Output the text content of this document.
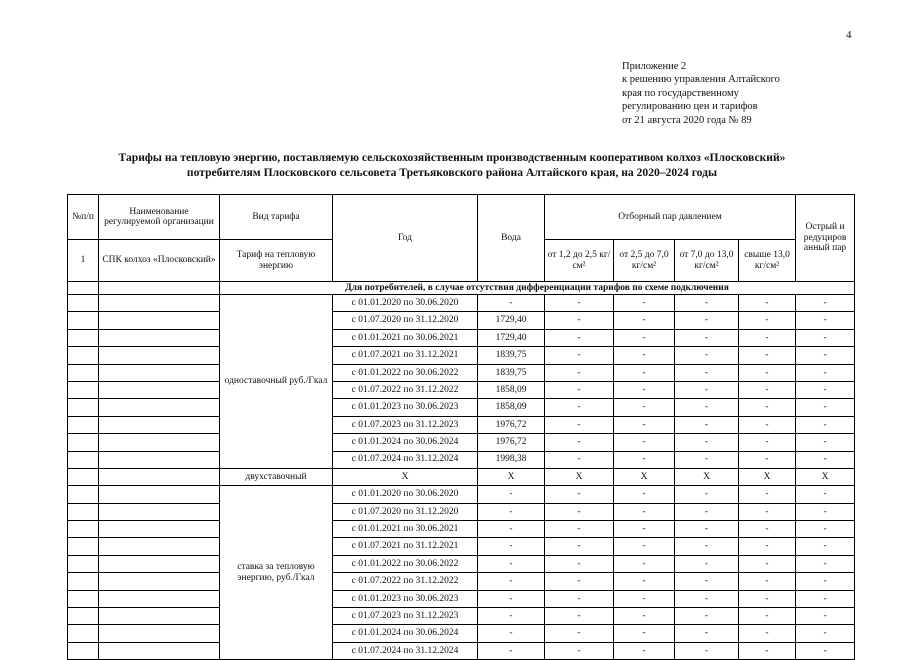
4
Приложение 2
к решению управления Алтайского
края по государственному
регулированию цен и тарифов
от 21 августа 2020 года № 89
Тарифы на тепловую энергию, поставляемую сельскохозяйственным производственным кооперативом колхоз «Плосковский»
потребителям Плосковского сельсовета Третьяковского района Алтайского края, на 2020–2024 годы
№п/п	Наименование регулируемой организации	Вид тарифа	Год	Вода	Отборный пар давлением				Острый и редуциров анный пар
1	СПК колхоз «Плосковский»	Тариф на тепловую энергию			от 1,2 до 2,5 кг/см²	от 2,5 до 7,0 кг/см²	от 7,0 до 13,0 кг/см²	свыше 13,0 кг/см²	
		Для потребителей, в случае отсутствия дифференциации тарифов по схеме подключения							
		одноставочный руб./Гкал	с 01.01.2020 по 30.06.2020	-	-	-	-	-	-
			с 01.07.2020 по 31.12.2020	1729,40	-	-	-	-	-
			с 01.01.2021 по 30.06.2021	1729,40	-	-	-	-	-
			с 01.07.2021 по 31.12.2021	1839,75	-	-	-	-	-
			с 01.01.2022 по 30.06.2022	1839,75	-	-	-	-	-
			с 01.07.2022 по 31.12.2022	1858,09	-	-	-	-	-
			с 01.01.2023 по 30.06.2023	1858,09	-	-	-	-	-
			с 01.07.2023 по 31.12.2023	1976,72	-	-	-	-	-
			с 01.01.2024 по 30.06.2024	1976,72	-	-	-	-	-
			с 01.07.2024 по 31.12.2024	1998,38	-	-	-	-	-
		двухставочный	X	X	X	X	X	X	X
		ставка за тепловую энергию, руб./Гкал	с 01.01.2020 по 30.06.2020	-	-	-	-	-	-
			с 01.07.2020 по 31.12.2020	-	-	-	-	-	-
			с 01.01.2021 по 30.06.2021	-	-	-	-	-	-
			с 01.07.2021 по 31.12.2021	-	-	-	-	-	-
			с 01.01.2022 по 30.06.2022	-	-	-	-	-	-
			с 01.07.2022 по 31.12.2022	-	-	-	-	-	-
			с 01.01.2023 по 30.06.2023	-	-	-	-	-	-
			с 01.07.2023 по 31.12.2023	-	-	-	-	-	-
			с 01.01.2024 по 30.06.2024	-	-	-	-	-	-
			с 01.07.2024 по 31.12.2024	-	-	-	-	-	-
